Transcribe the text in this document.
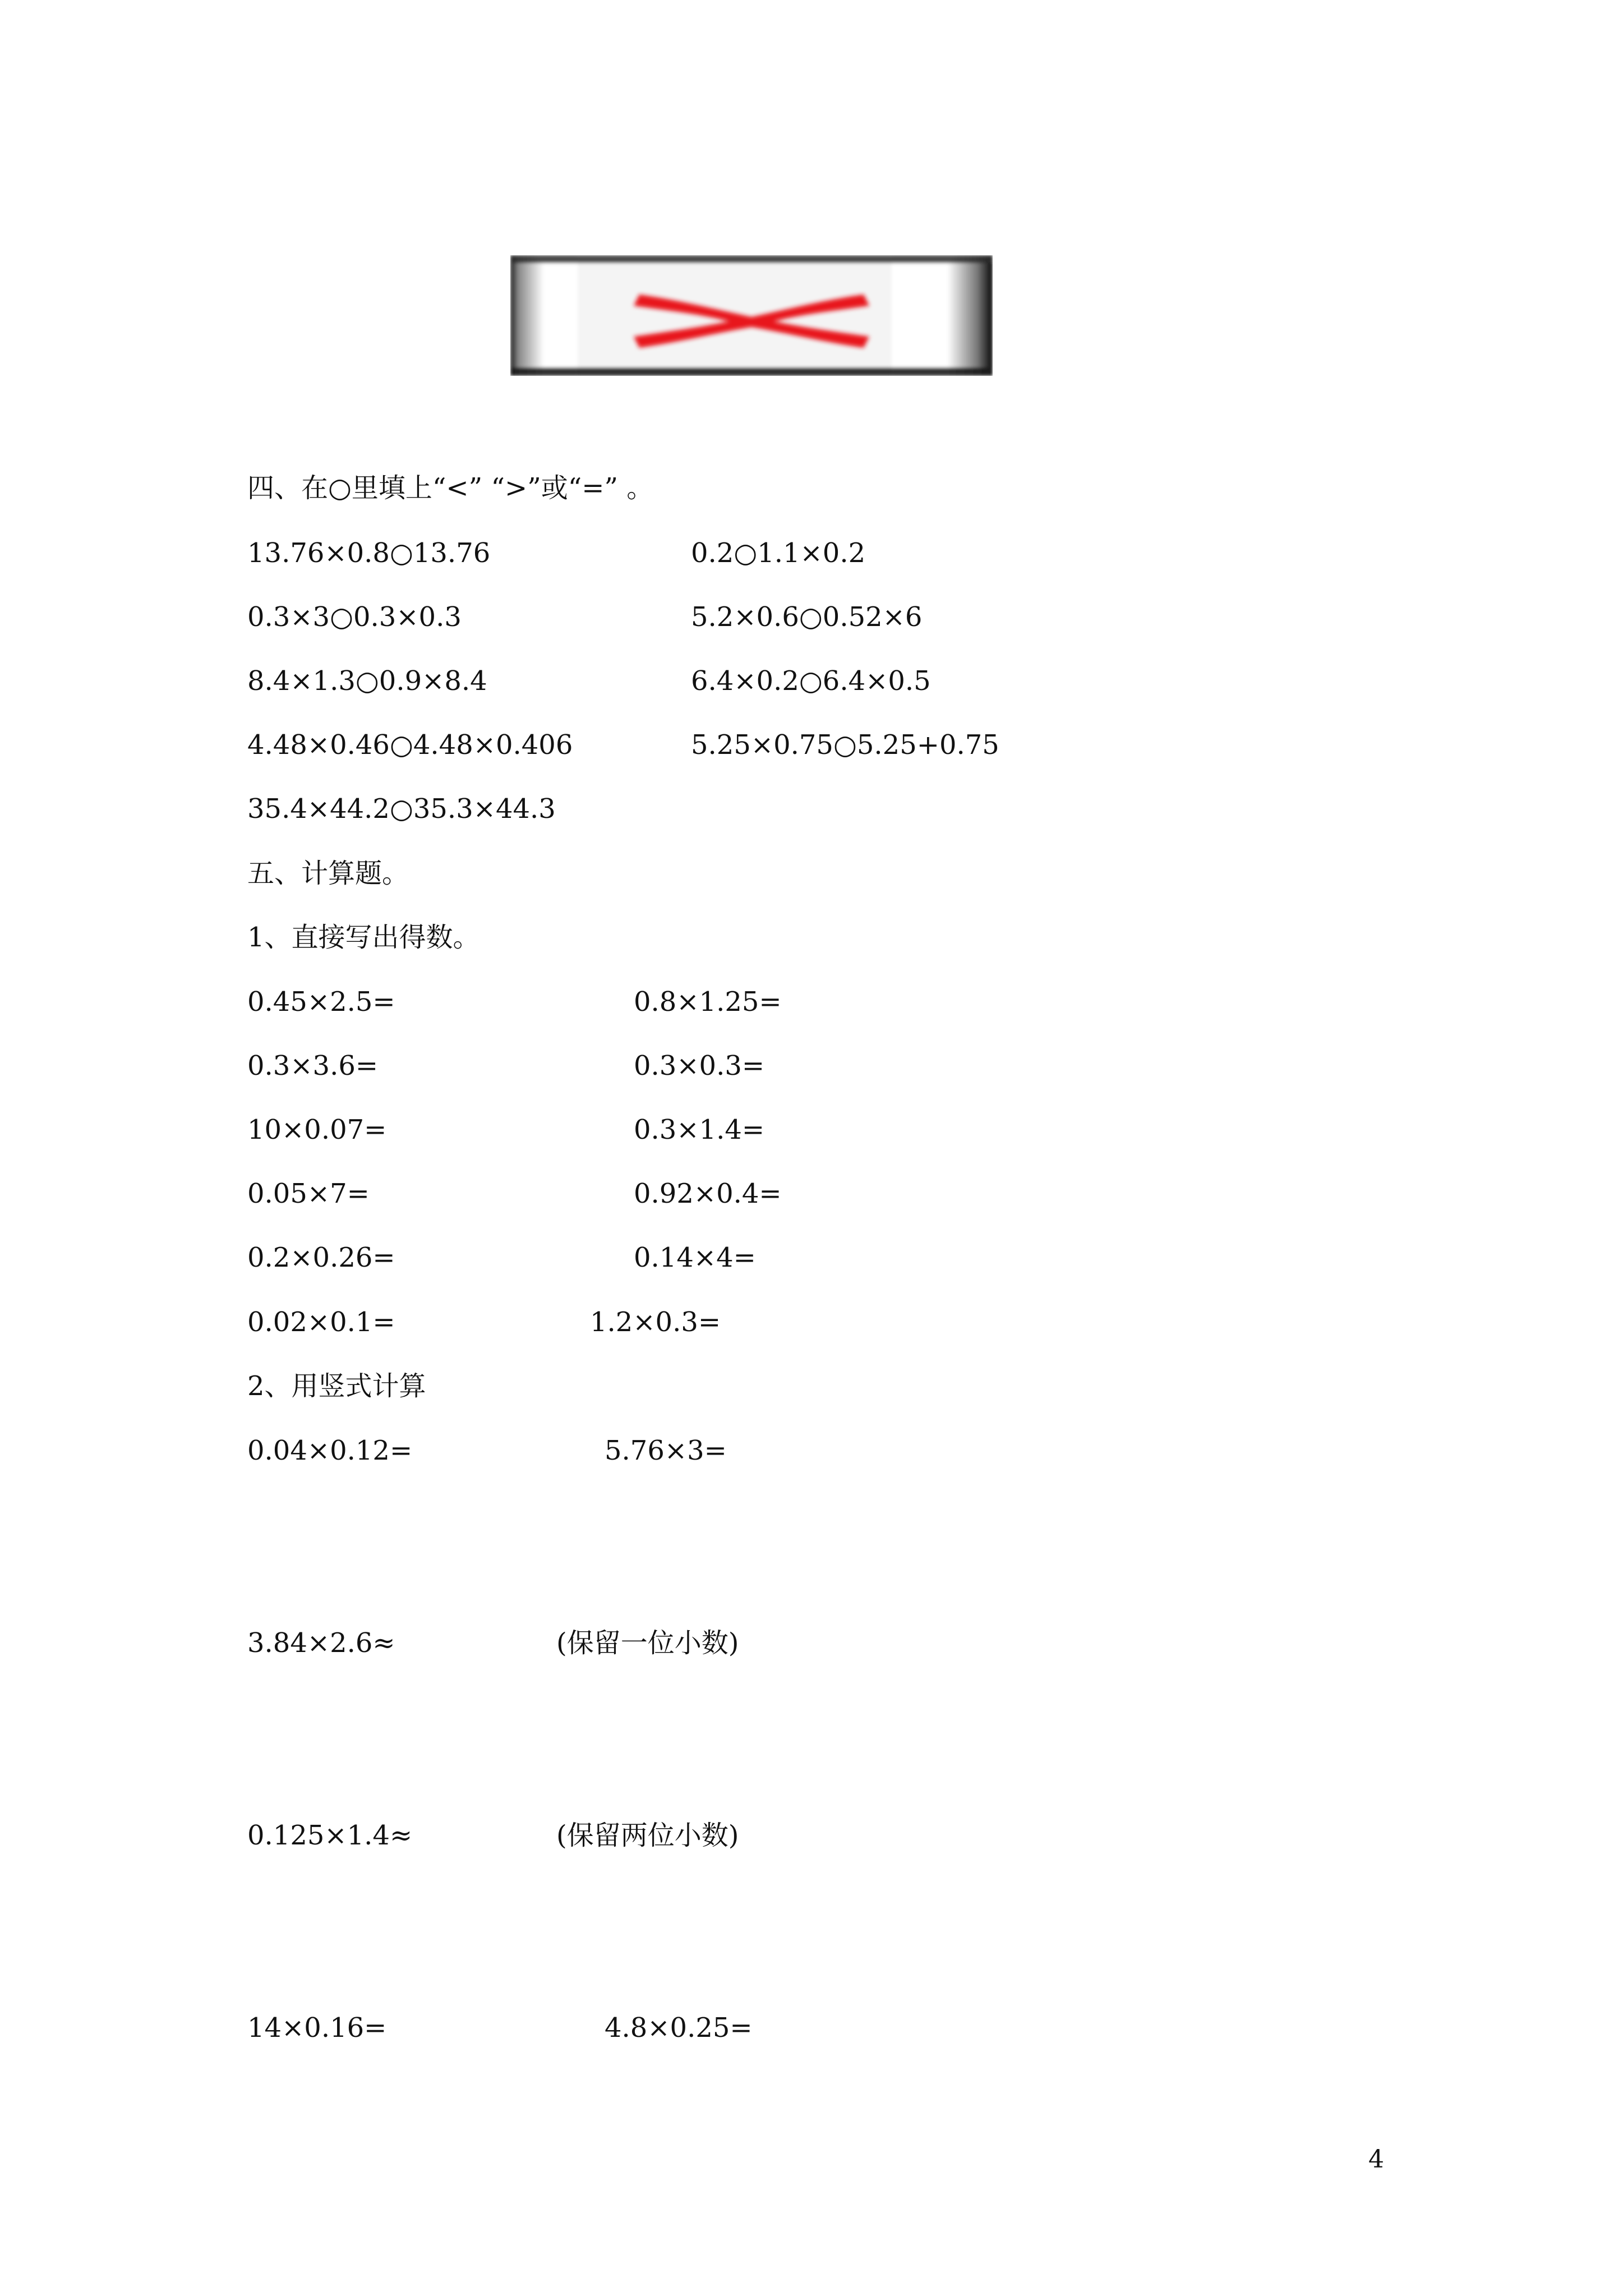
四、在○里填上“<” “>”或“=” 。
13.76×0.8○13.76	0.2○1.1×0.2
0.3×3○0.3×0.3	5.2×0.6○0.52×6
8.4×1.3○0.9×8.4	6.4×0.2○6.4×0.5
4.48×0.46○4.48×0.406	5.25×0.75○5.25+0.75
35.4×44.2○35.3×44.3
五、计算题。
1、直接写出得数。
0.45×2.5=	0.8×1.25=
0.3×3.6=	0.3×0.3=
10×0.07=	0.3×1.4=
0.05×7=	0.92×0.4=
0.2×0.26=	0.14×4=
0.02×0.1=	1.2×0.3=
2、用竖式计算
0.04×0.12=	5.76×3=
3.84×2.6≈	(保留一位小数)
0.125×1.4≈	(保留两位小数)
14×0.16=	4.8×0.25=
4
